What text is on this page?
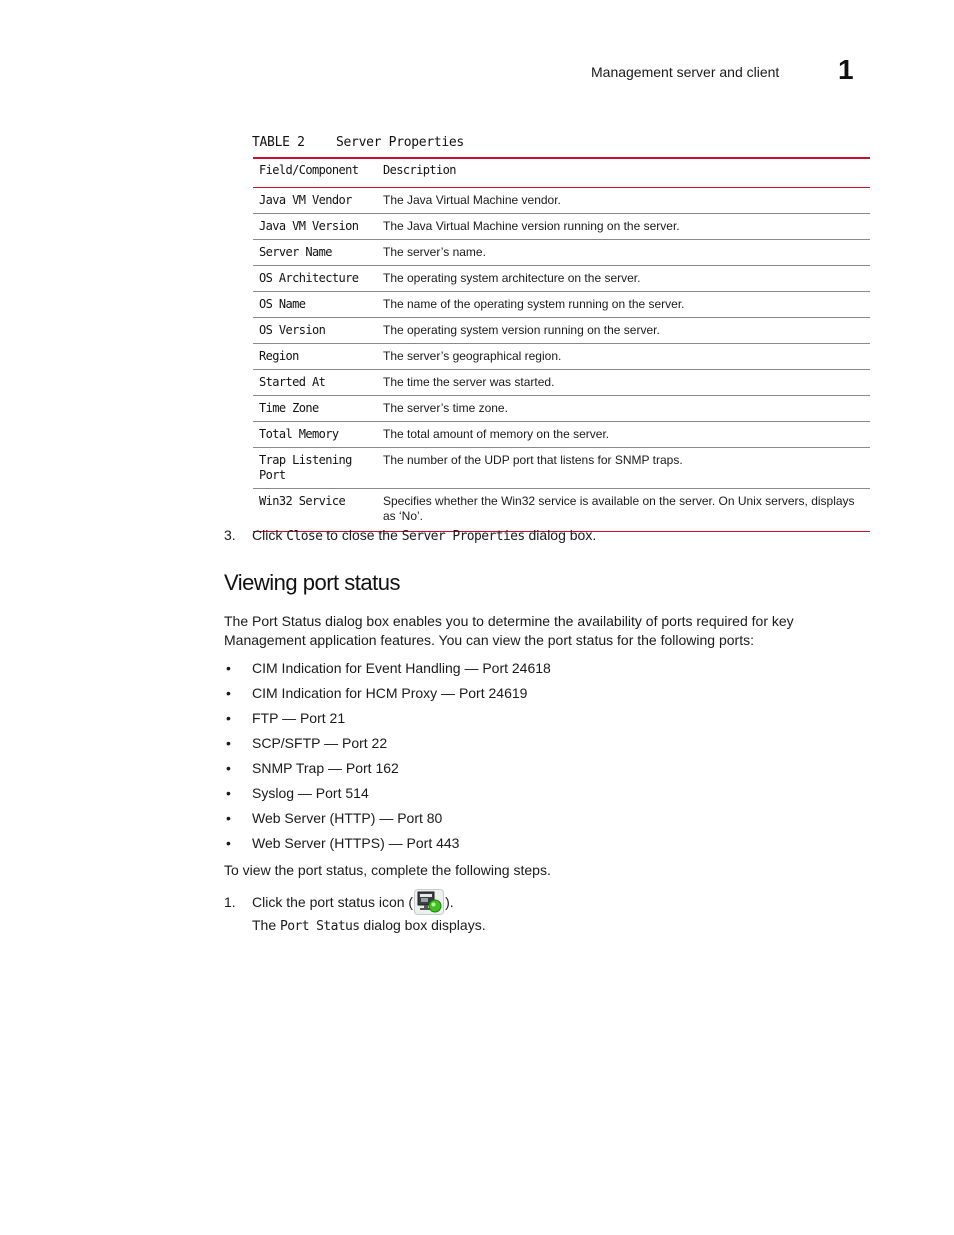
Management server and client 1
TABLE 2 Server Properties
Field/Component	Description
Java VM Vendor	The Java Virtual Machine vendor.
Java VM Version	The Java Virtual Machine version running on the server.
Server Name	The server’s name.
OS Architecture	The operating system architecture on the server.
OS Name	The name of the operating system running on the server.
OS Version	The operating system version running on the server.
Region	The server’s geographical region.
Started At	The time the server was started.
Time Zone	The server’s time zone.
Total Memory	The total amount of memory on the server.
Trap Listening Port	The number of the UDP port that listens for SNMP traps.
Win32 Service	Specifies whether the Win32 service is available on the server. On Unix servers, displays as ‘No’.
3. Click Close to close the Server Properties dialog box.
Viewing port status
The Port Status dialog box enables you to determine the availability of ports required for key
Management application features. You can view the port status for the following ports:
• CIM Indication for Event Handling — Port 24618
• CIM Indication for HCM Proxy — Port 24619
• FTP — Port 21
• SCP/SFTP — Port 22
• SNMP Trap — Port 162
• Syslog — Port 514
• Web Server (HTTP) — Port 80
• Web Server (HTTPS) — Port 443
To view the port status, complete the following steps.
1. Click the port status icon ( ).
The Port Status dialog box displays.
